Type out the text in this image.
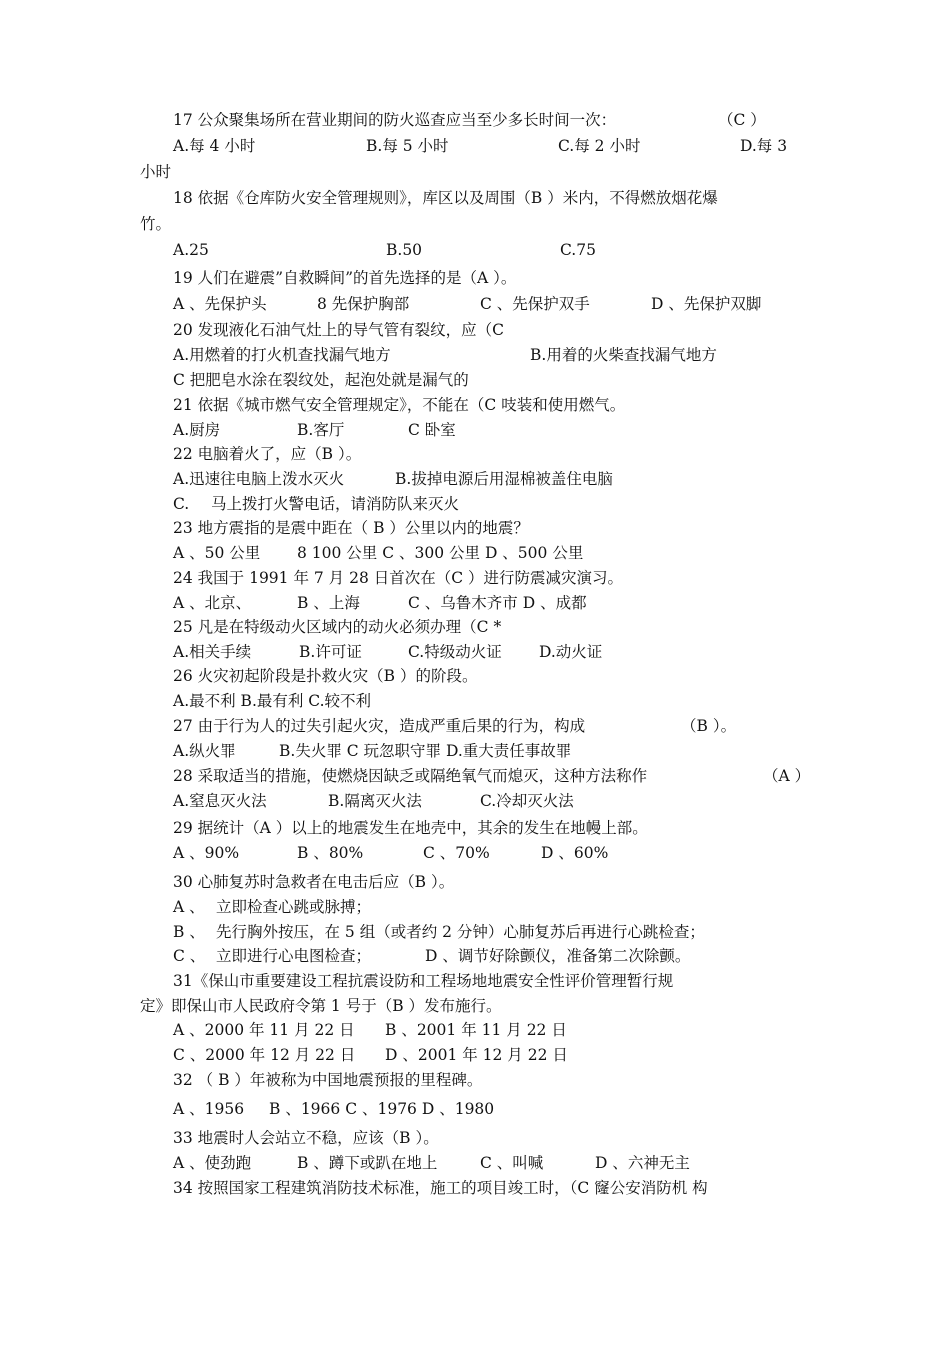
17 公众聚集场所在营业期间的防火巡查应当至少多长时间一次：	（C ）
A.每 4 小时	B.每 5 小时	C.每 2 小时	D.每 3
小时
18 依据《仓库防火安全管理规则》，库区以及周围（B ）米内，不得燃放烟花爆
竹。
A.25	B.50	C.75
19 人们在避震”自救瞬间”的首先选择的是（A ）。
A 、先保护头	8 先保护胸部	C 、先保护双手	D 、先保护双脚
20 发现液化石油气灶上的导气管有裂纹，应（C
A.用燃着的打火机查找漏气地方	B.用着的火柴查找漏气地方
C 把肥皂水涂在裂纹处，起泡处就是漏气的
21 依据《城市燃气安全管理规定》，不能在（C 吱装和使用燃气。
A.厨房	B.客厅	C 卧室
22 电脑着火了，应（B ）。
A.迅速往电脑上泼水灭火	B.拔掉电源后用湿棉被盖住电脑
C. 马上拨打火警电话，请消防队来灭火
23 地方震指的是震中距在（ B ）公里以内的地震？
A 、50 公里 8 100 公里 C 、300 公里 D 、500 公里
24 我国于 1991 年 7 月 28 日首次在（C ）进行防震减灾演习。
A 、北京、	B 、上海	C 、乌鲁木齐市 D 、成都
25 凡是在特级动火区域内的动火必须办理（C *
A.相关手续	B.许可证	C.特级动火证 D.动火证
26 火灾初起阶段是扑救火灾（B ）的阶段。
A.最不利 B.最有利 C.较不利
27 由于行为人的过失引起火灾，造成严重后果的行为，构成	（B ）。
A.纵火罪	B.失火罪 C 玩忽职守罪 D.重大责任事故罪
28 采取适当的措施，使燃烧因缺乏或隔绝氧气而熄灭，这种方法称作	（A ）
A.窒息灭火法	B.隔离灭火法	C.冷却灭火法
29 据统计（A ）以上的地震发生在地壳中，其余的发生在地幔上部。
A 、90%	B 、80%	C 、70%	D 、60%
30 心肺复苏时急救者在电击后应（B ）。
A 、 立即检查心跳或脉搏；
B 、 先行胸外按压，在 5 组（或者约 2 分钟）心肺复苏后再进行心跳检查；
C 、 立即进行心电图检查；	D 、调节好除颤仪，准备第二次除颤。
31《保山市重要建设工程抗震设防和工程场地地震安全性评价管理暂行规
定》即保山市人民政府令第 1 号于（B ）发布施行。
A 、2000 年 11 月 22 日 B 、2001 年 11 月 22 日
C 、2000 年 12 月 22 日 D 、2001 年 12 月 22 日
32 （ B ）年被称为中国地震预报的里程碑。
A 、1956 B 、1966 C 、1976 D 、1980
33 地震时人会站立不稳，应该（B ）。
A 、使劲跑	B 、蹲下或趴在地上	C 、叫喊	D 、六神无主
34 按照国家工程建筑消防技术标准，施工的项目竣工时，（C 窿公安消防机 构
